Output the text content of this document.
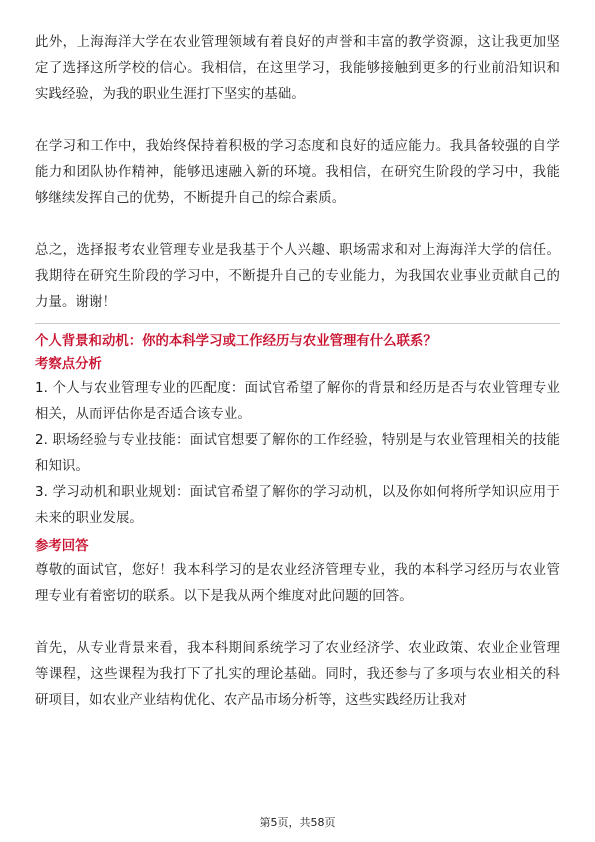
此外，上海海洋大学在农业管理领域有着良好的声誉和丰富的教学资源，这让我更加坚定了选择这所学校的信心。我相信，在这里学习，我能够接触到更多的行业前沿知识和实践经验，为我的职业生涯打下坚实的基础。

在学习和工作中，我始终保持着积极的学习态度和良好的适应能力。我具备较强的自学能力和团队协作精神，能够迅速融入新的环境。我相信，在研究生阶段的学习中，我能够继续发挥自己的优势，不断提升自己的综合素质。

总之，选择报考农业管理专业是我基于个人兴趣、职场需求和对上海海洋大学的信任。我期待在研究生阶段的学习中，不断提升自己的专业能力，为我国农业事业贡献自己的力量。谢谢！

个人背景和动机：你的本科学习或工作经历与农业管理有什么联系？

考察点分析

1. 个人与农业管理专业的匹配度：面试官希望了解你的背景和经历是否与农业管理专业相关，从而评估你是否适合该专业。

2. 职场经验与专业技能：面试官想要了解你的工作经验，特别是与农业管理相关的技能和知识。

3. 学习动机和职业规划：面试官希望了解你的学习动机，以及你如何将所学知识应用于未来的职业发展。

参考回答

尊敬的面试官，您好！我本科学习的是农业经济管理专业，我的本科学习经历与农业管理专业有着密切的联系。以下是我从两个维度对此问题的回答。

首先，从专业背景来看，我本科期间系统学习了农业经济学、农业政策、农业企业管理等课程，这些课程为我打下了扎实的理论基础。同时，我还参与了多项与农业相关的科研项目，如农业产业结构优化、农产品市场分析等，这些实践经历让我对

第5页，共58页
